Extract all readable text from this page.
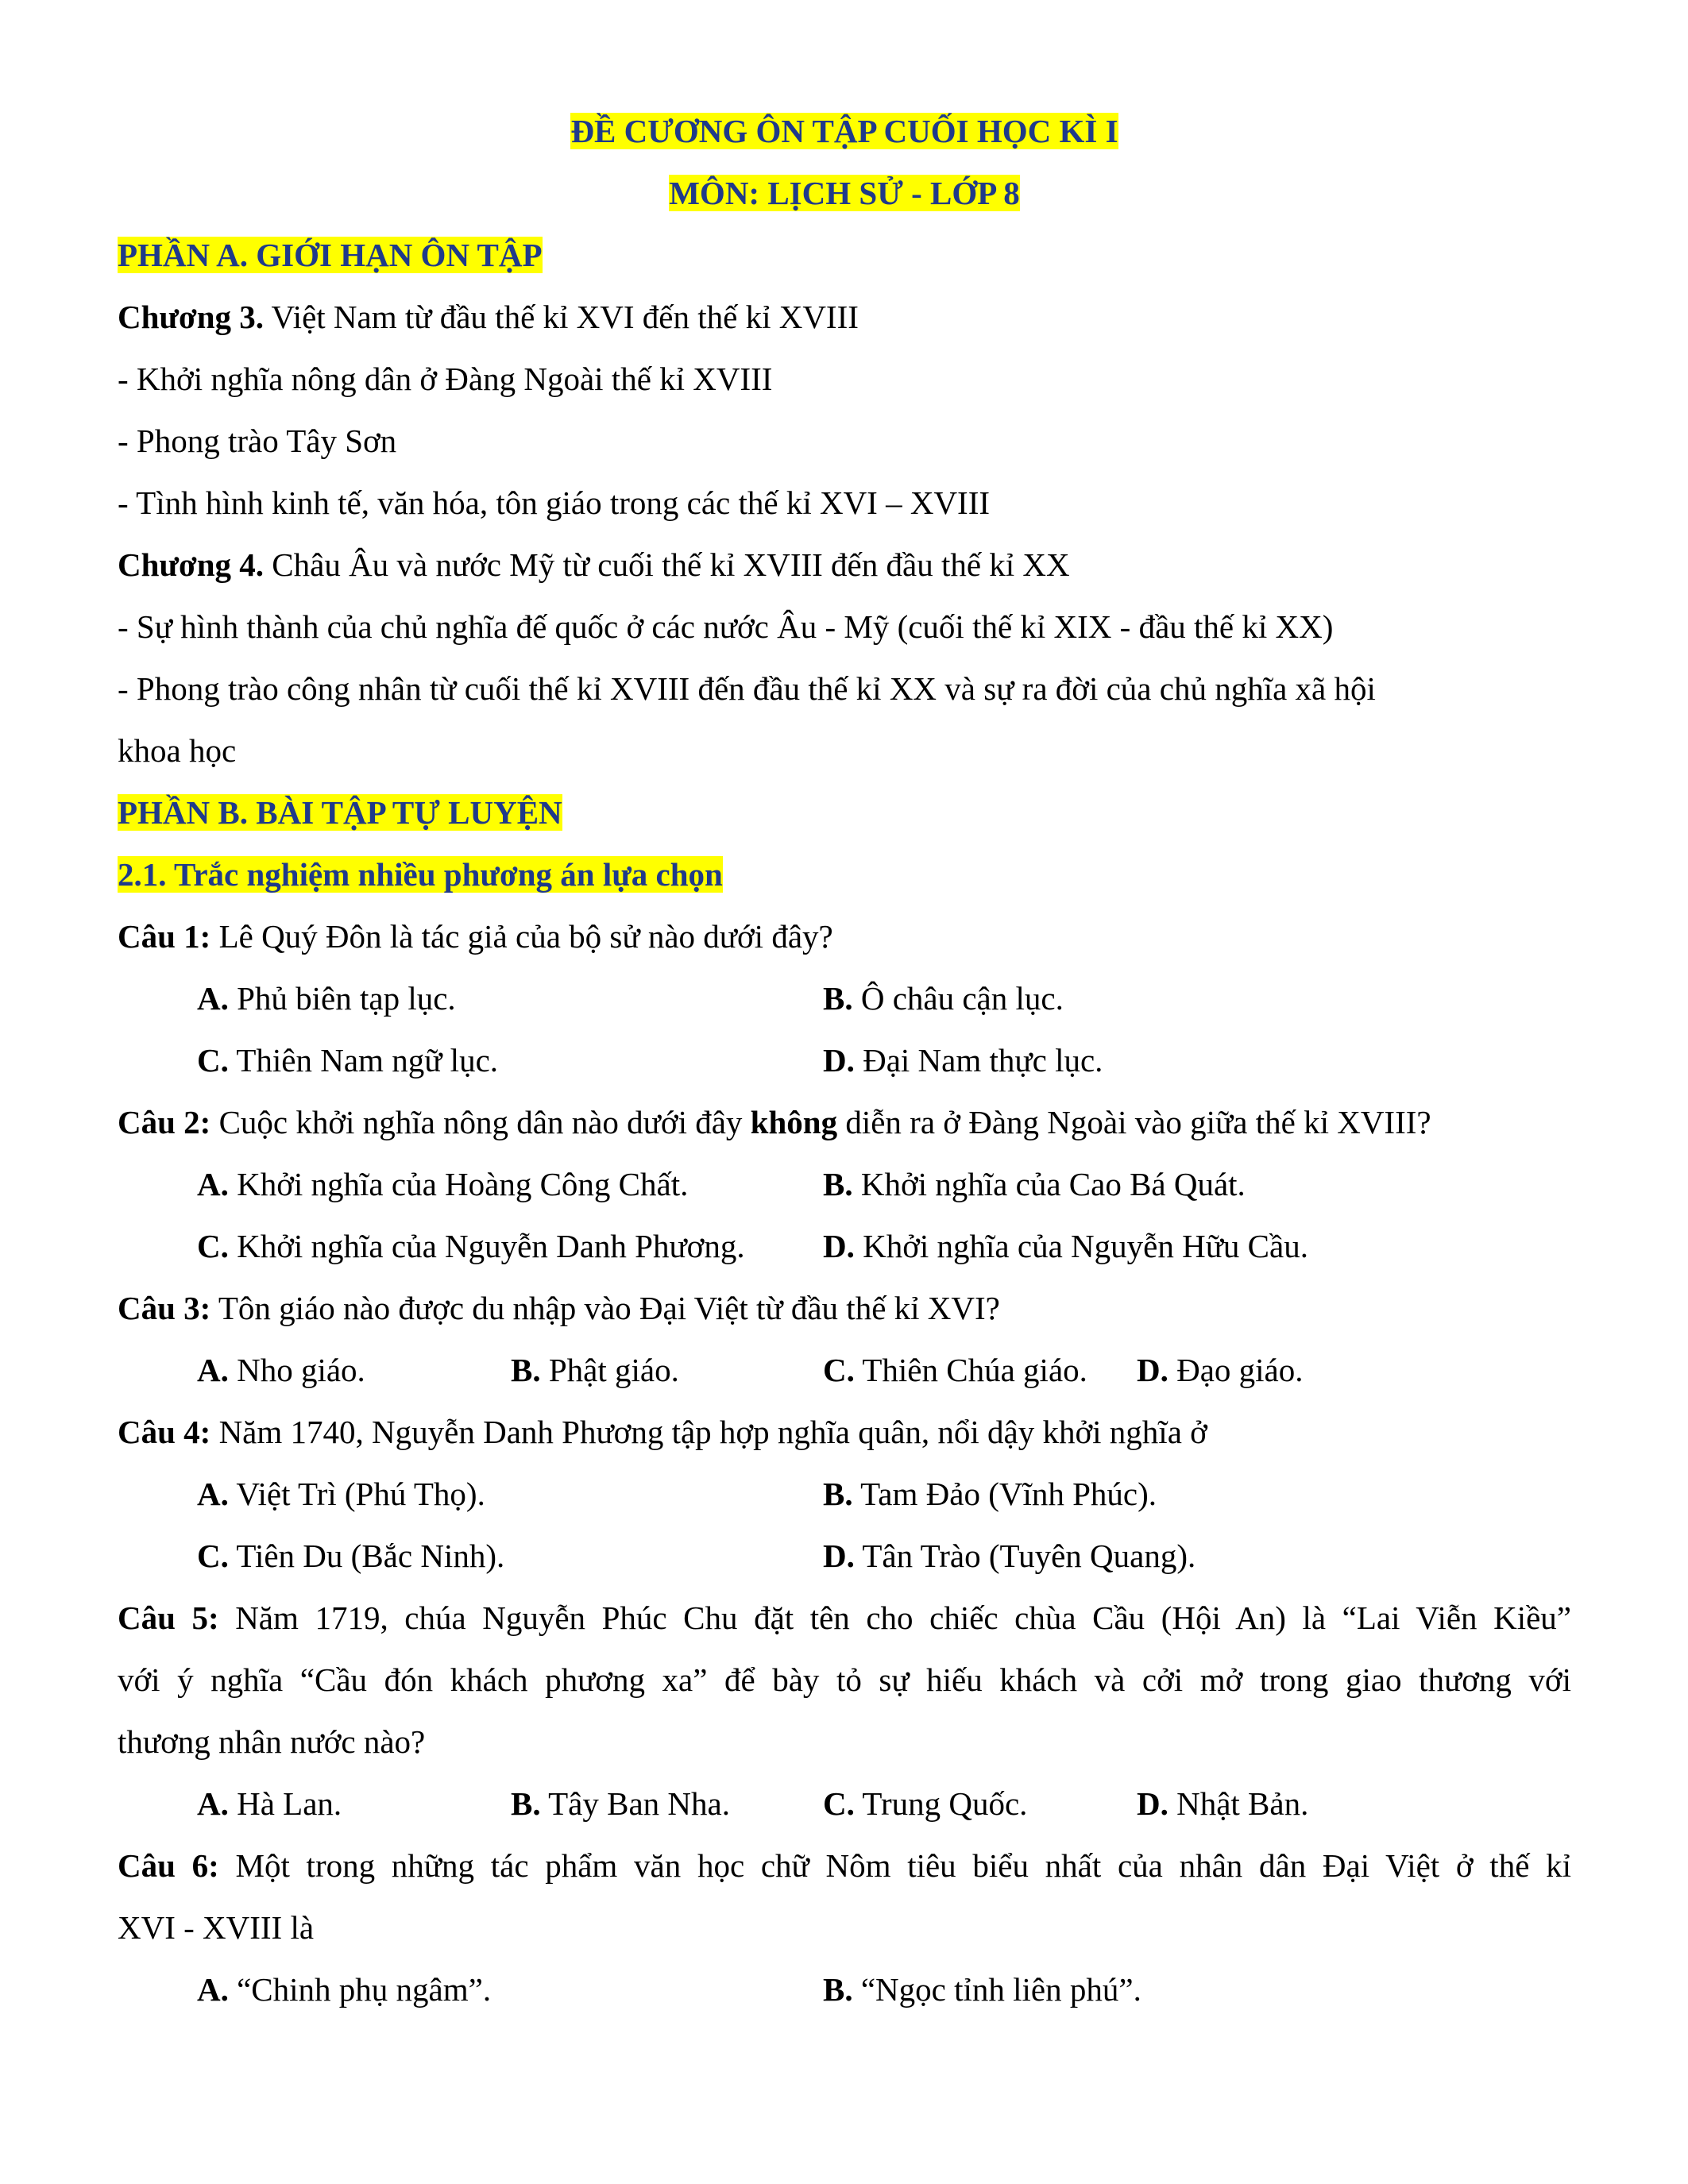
ĐỀ CƯƠNG ÔN TẬP CUỐI HỌC KÌ I
MÔN: LỊCH SỬ - LỚP 8
PHẦN A. GIỚI HẠN ÔN TẬP
Chương 3. Việt Nam từ đầu thế kỉ XVI đến thế kỉ XVIII
- Khởi nghĩa nông dân ở Đàng Ngoài thế kỉ XVIII
- Phong trào Tây Sơn
- Tình hình kinh tế, văn hóa, tôn giáo trong các thế kỉ XVI – XVIII
Chương 4. Châu Âu và nước Mỹ từ cuối thế kỉ XVIII đến đầu thế kỉ XX
- Sự hình thành của chủ nghĩa đế quốc ở các nước Âu - Mỹ (cuối thế kỉ XIX - đầu thế kỉ XX)
- Phong trào công nhân từ cuối thế kỉ XVIII đến đầu thế kỉ XX và sự ra đời của chủ nghĩa xã hội
khoa học
PHẦN B. BÀI TẬP TỰ LUYỆN
2.1. Trắc nghiệm nhiều phương án lựa chọn
Câu 1: Lê Quý Đôn là tác giả của bộ sử nào dưới đây?
A. Phủ biên tạp lục.	B. Ô châu cận lục.
C. Thiên Nam ngữ lục.	D. Đại Nam thực lục.
Câu 2: Cuộc khởi nghĩa nông dân nào dưới đây không diễn ra ở Đàng Ngoài vào giữa thế kỉ XVIII?
A. Khởi nghĩa của Hoàng Công Chất.	B. Khởi nghĩa của Cao Bá Quát.
C. Khởi nghĩa của Nguyễn Danh Phương. D. Khởi nghĩa của Nguyễn Hữu Cầu.
Câu 3: Tôn giáo nào được du nhập vào Đại Việt từ đầu thế kỉ XVI?
A. Nho giáo.	B. Phật giáo.	C. Thiên Chúa giáo. D. Đạo giáo.
Câu 4: Năm 1740, Nguyễn Danh Phương tập hợp nghĩa quân, nổi dậy khởi nghĩa ở
A. Việt Trì (Phú Thọ).	B. Tam Đảo (Vĩnh Phúc).
C. Tiên Du (Bắc Ninh).	D. Tân Trào (Tuyên Quang).
Câu 5: Năm 1719, chúa Nguyễn Phúc Chu đặt tên cho chiếc chùa Cầu (Hội An) là “Lai Viễn Kiều”
với ý nghĩa “Cầu đón khách phương xa” để bày tỏ sự hiếu khách và cởi mở trong giao thương với
thương nhân nước nào?
A. Hà Lan.	B. Tây Ban Nha.	C. Trung Quốc.	D. Nhật Bản.
Câu 6: Một trong những tác phẩm văn học chữ Nôm tiêu biểu nhất của nhân dân Đại Việt ở thế kỉ
XVI - XVIII là
A. “Chinh phụ ngâm”.	B. “Ngọc tỉnh liên phú”.
